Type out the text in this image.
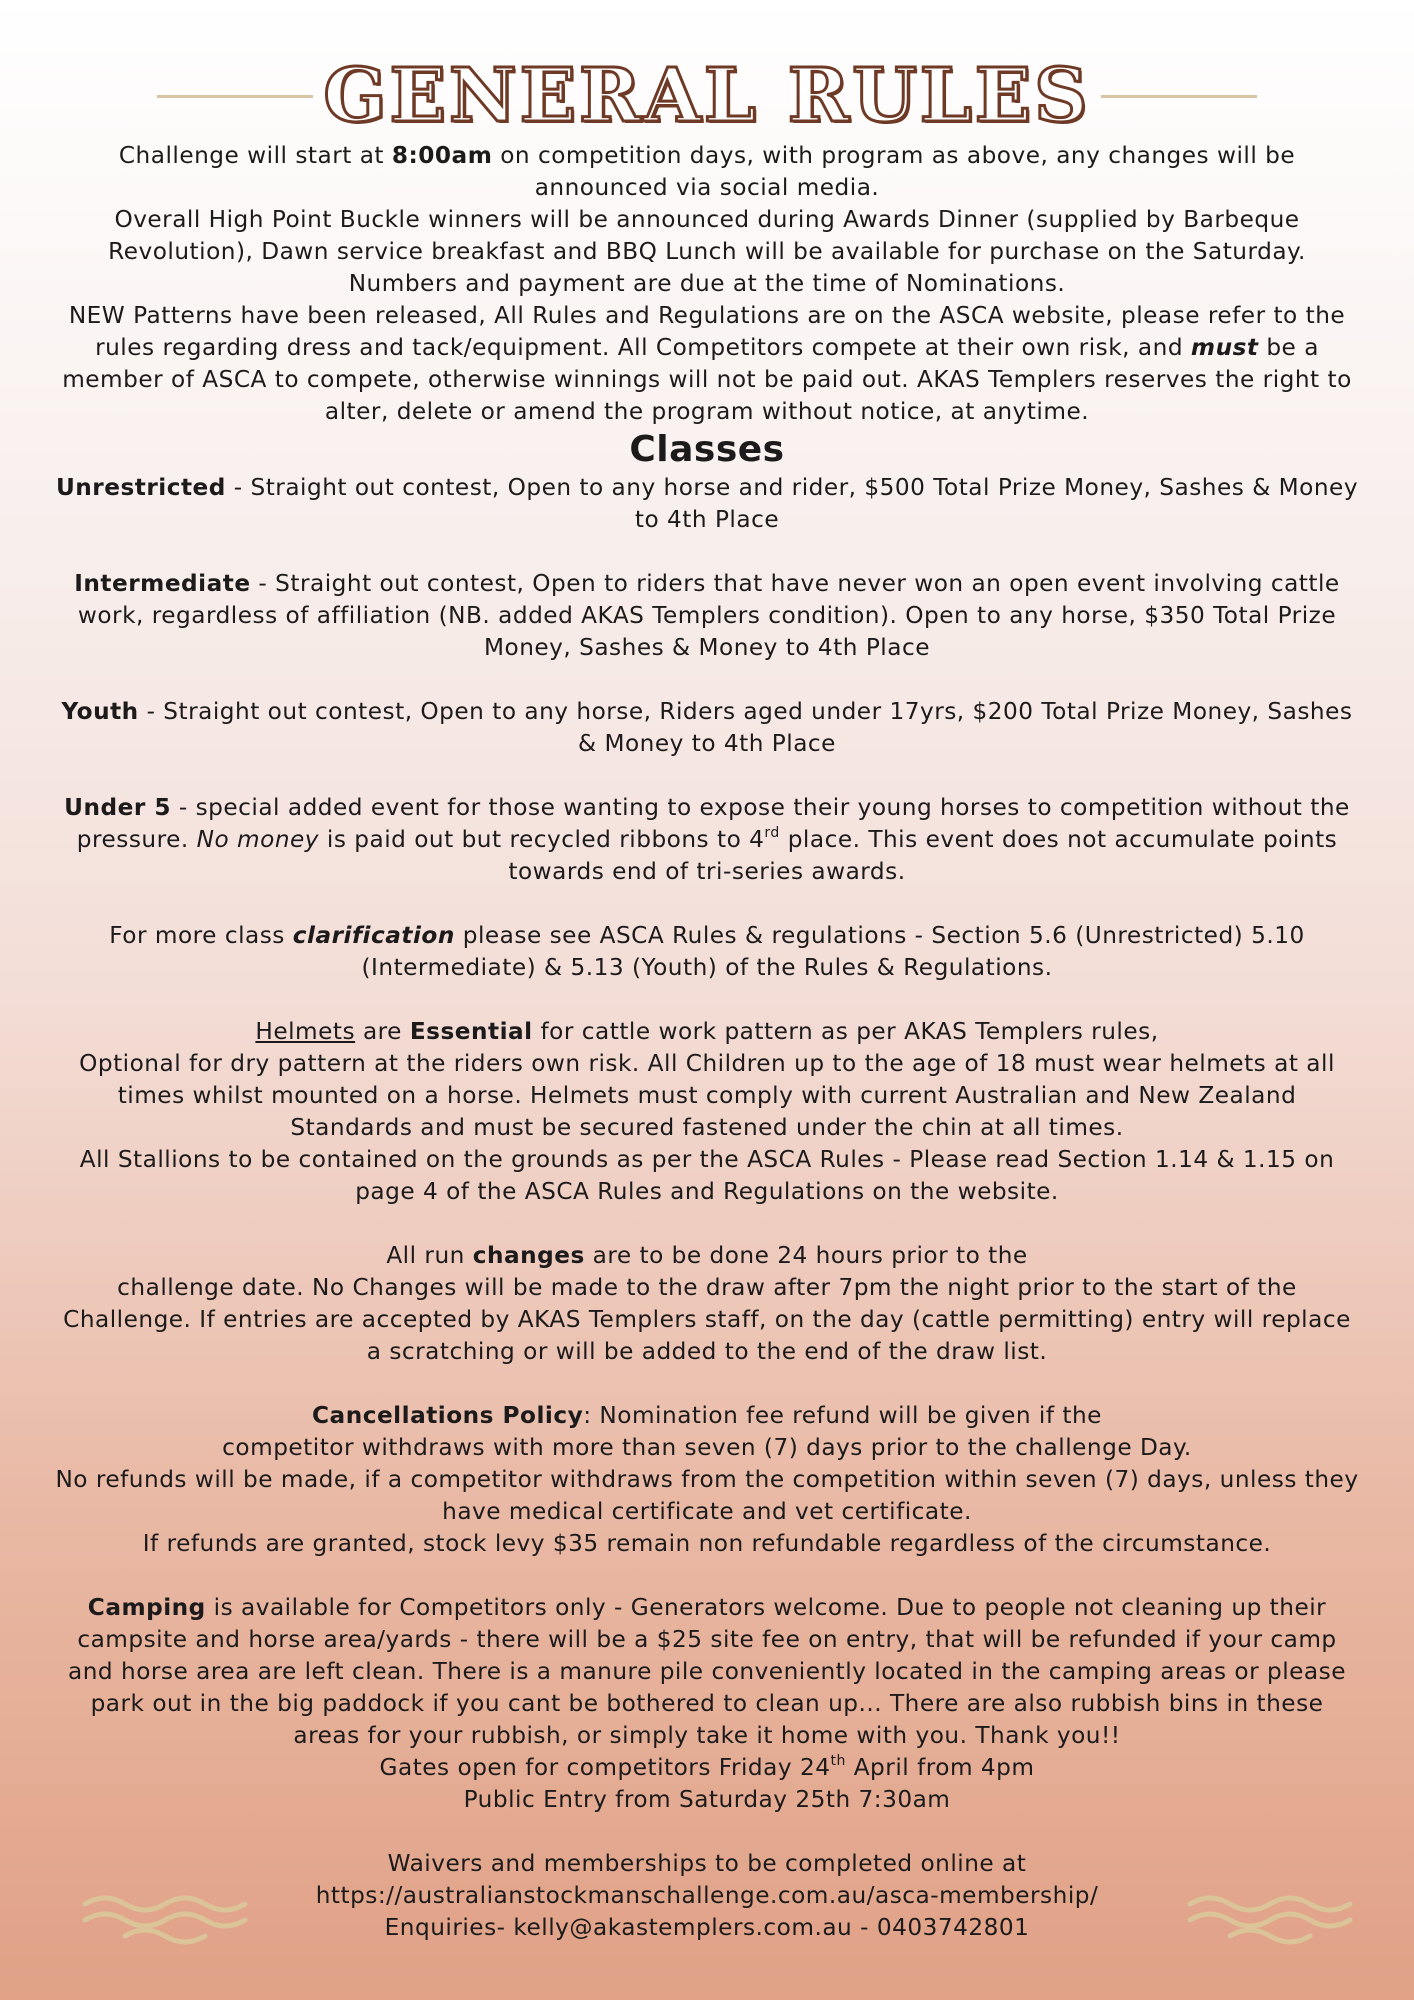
GENERAL RULES

Challenge will start at 8:00am on competition days, with program as above, any changes will be announced via social media.

Overall High Point Buckle winners will be announced during Awards Dinner (supplied by Barbeque Revolution), Dawn service breakfast and BBQ Lunch will be available for purchase on the Saturday.

Numbers and payment are due at the time of Nominations.

NEW Patterns have been released, All Rules and Regulations are on the ASCA website, please refer to the rules regarding dress and tack/equipment. All Competitors compete at their own risk, and must be a member of ASCA to compete, otherwise winnings will not be paid out. AKAS Templers reserves the right to alter, delete or amend the program without notice, at anytime.

Classes

Unrestricted - Straight out contest, Open to any horse and rider, $500 Total Prize Money, Sashes & Money to 4th Place

Intermediate - Straight out contest, Open to riders that have never won an open event involving cattle work, regardless of affiliation (NB. added AKAS Templers condition). Open to any horse, $350 Total Prize Money, Sashes & Money to 4th Place

Youth - Straight out contest, Open to any horse, Riders aged under 17yrs, $200 Total Prize Money, Sashes & Money to 4th Place

Under 5 - special added event for those wanting to expose their young horses to competition without the pressure. No money is paid out but recycled ribbons to 4rd place. This event does not accumulate points towards end of tri-series awards.

For more class clarification please see ASCA Rules & regulations - Section 5.6 (Unrestricted) 5.10 (Intermediate) & 5.13 (Youth) of the Rules & Regulations.

Helmets are Essential for cattle work pattern as per AKAS Templers rules,

Optional for dry pattern at the riders own risk. All Children up to the age of 18 must wear helmets at all times whilst mounted on a horse. Helmets must comply with current Australian and New Zealand Standards and must be secured fastened under the chin at all times.

All Stallions to be contained on the grounds as per the ASCA Rules - Please read Section 1.14 & 1.15 on page 4 of the ASCA Rules and Regulations on the website.

All run changes are to be done 24 hours prior to the

challenge date. No Changes will be made to the draw after 7pm the night prior to the start of the Challenge. If entries are accepted by AKAS Templers staff, on the day (cattle permitting) entry will replace a scratching or will be added to the end of the draw list.

Cancellations Policy: Nomination fee refund will be given if the

competitor withdraws with more than seven (7) days prior to the challenge Day.

No refunds will be made, if a competitor withdraws from the competition within seven (7) days, unless they have medical certificate and vet certificate.

If refunds are granted, stock levy $35 remain non refundable regardless of the circumstance.

Camping is available for Competitors only - Generators welcome. Due to people not cleaning up their campsite and horse area/yards - there will be a $25 site fee on entry, that will be refunded if your camp and horse area are left clean. There is a manure pile conveniently located in the camping areas or please park out in the big paddock if you cant be bothered to clean up... There are also rubbish bins in these areas for your rubbish, or simply take it home with you. Thank you!!

Gates open for competitors Friday 24th April from 4pm

Public Entry from Saturday 25th 7:30am

Waivers and memberships to be completed online at

https://australianstockmanschallenge.com.au/asca-membership/

Enquiries- kelly@akastemplers.com.au - 0403742801
